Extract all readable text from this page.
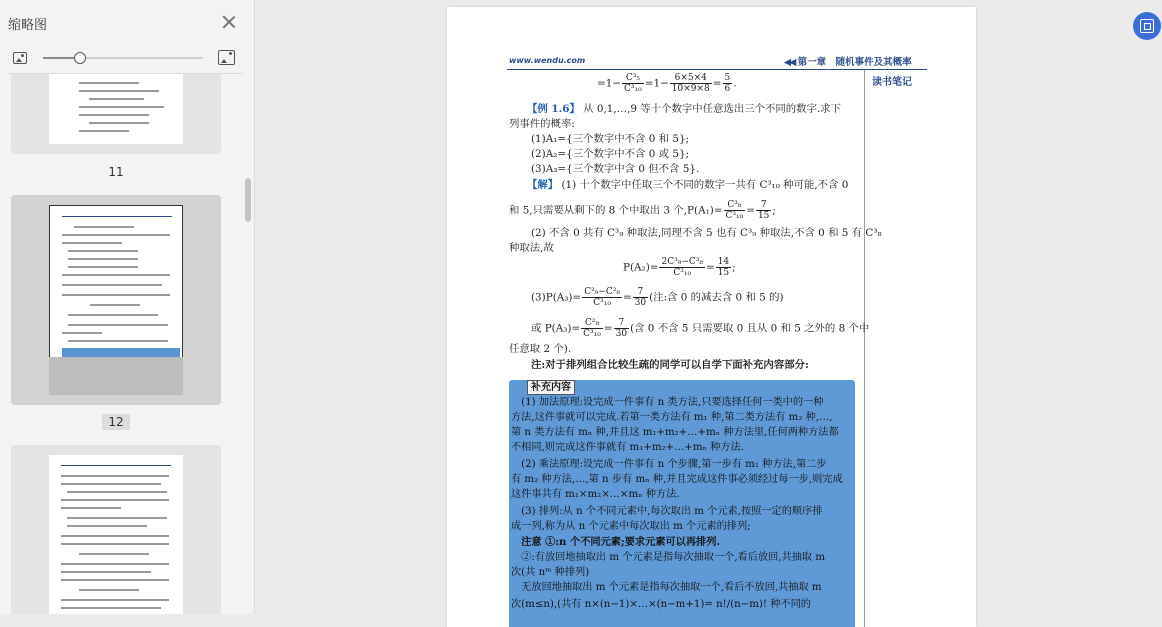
缩略图
11
12
www.wendu.com	◀◀ 第一章　随机事件及其概率
读书笔记
$=1- \frac{\text{C³₅}}{\text{C³₁₀}} =1- \frac{6\times 5\times 4}{10\times 9\times 8} = \frac{5}{6}$ .
【例 1.6】 从 0,1,…,9 等十个数字中任意选出三个不同的数字.求下
列事件的概率:
(1)A₁={三个数字中不含 0 和 5};
(2)A₂={三个数字中不含 0 或 5};
(3)A₃={三个数字中含 0 但不含 5}.
【解】 (1) 十个数字中任取三个不同的数字一共有 C³₁₀ 种可能,不含 0
和 5,只需要从剩下的 8 个中取出 3 个$,P(A_1)= \frac{\text{C³₈}}{\text{C³₁₀}} = \frac{7}{15}$ ;
(2) 不含 0 共有 C³₉ 种取法,同理不含 5 也有 C³₉ 种取法,不含 0 和 5 有 C³₈
种取法,故
$P(A_2)= \frac{\text{2C³₉−C³₈}}{\text{C³₁₀}} = \frac{14}{15}$ ;
$(3)P(A_3)= \frac{\text{C²₉−C²₈}}{\text{C³₁₀}} = \frac{7}{30}$ (注:含 0 的减去含 0 和 5 的)
或 $P(A_3)= \frac{\text{C²₈}}{\text{C³₁₀}} = \frac{7}{30}$ (含 0 不含 5 只需要取 0 且从 0 和 5 之外的 8 个中
任意取 2 个).
注:对于排列组合比较生疏的同学可以自学下面补充内容部分:
补充内容
　(1) 加法原理:设完成一件事有 n 类方法,只要选择任何一类中的一种
方法,这件事就可以完成.若第一类方法有 m₁ 种,第二类方法有 m₂ 种,…,
第 n 类方法有 mₙ 种,并且这 m₁+m₂+…+mₙ 种方法里,任何两种方法都
不相同,则完成这件事就有 m₁+m₂+…+mₙ 种方法.
　(2) 乘法原理:设完成一件事有 n 个步骤,第一步有 m₁ 种方法,第二步
有 m₂ 种方法,…,第 n 步有 mₙ 种,并且完成这件事必须经过每一步,则完成
这件事共有 m₁×m₂×…×mₙ 种方法.
　(3) 排列:从 n 个不同元素中,每次取出 m 个元素,按照一定的顺序排
成一列,称为从 n 个元素中每次取出 m 个元素的排列;
　注意 ①:n 个不同元素;要求元素可以再排列.
　②:有放回地抽取出 m 个元素是指每次抽取一个,看后放回,共抽取 m
次(共 nᵐ 种排列)
　无放回地抽取出 m 个元素是指每次抽取一个,看后不放回,共抽取 m
次(m≤n),(共有 n×(n−1)×…×(n−m+1)= n!/(n−m)! 种不同的
